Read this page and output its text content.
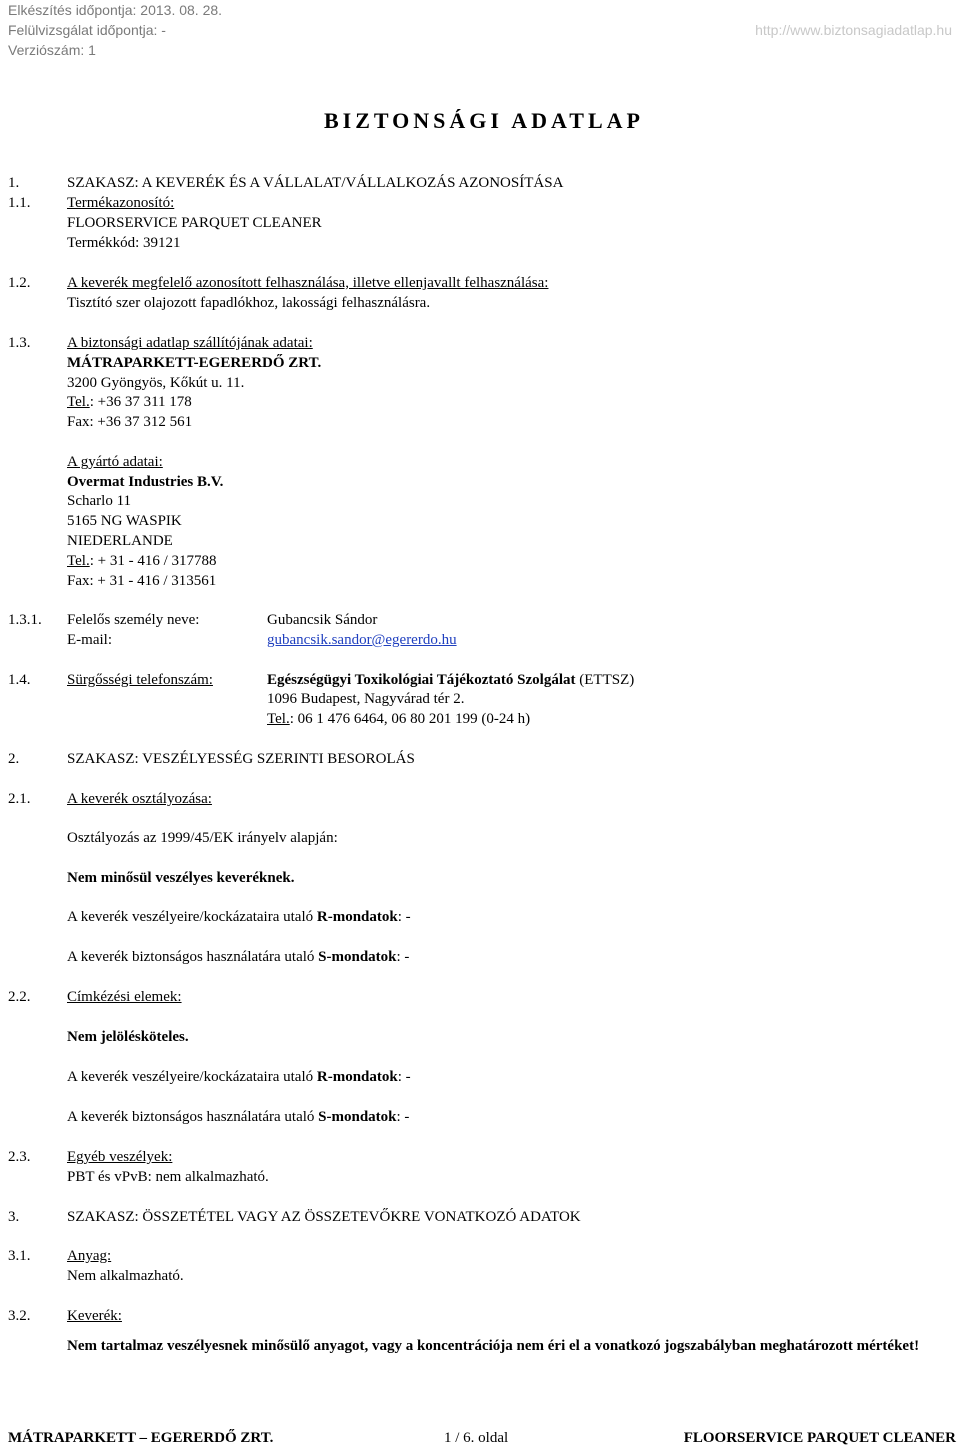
Elkészítés időpontja: 2013. 08. 28.
Felülvizsgálat időpontja: -
Verziószám: 1
http://www.biztonsagiadatlap.hu
BIZTONSÁGI ADATLAP
1.	SZAKASZ: A KEVERÉK ÉS A VÁLLALAT/VÁLLALKOZÁS AZONOSÍTÁSA
1.1. Termékazonosító:
FLOORSERVICE PARQUET CLEANER
Termékkód: 39121
1.2. A keverék megfelelő azonosított felhasználása, illetve ellenjavallt felhasználása:
Tisztító szer olajozott fapadlókhoz, lakossági felhasználásra.
1.3. A biztonsági adatlap szállítójának adatai:
MÁTRAPARKETT-EGERERDŐ ZRT.
3200 Gyöngyös, Kőkút u. 11.
Tel.: +36 37 311 178
Fax: +36 37 312 561
A gyártó adatai:
Overmat Industries B.V.
Scharlo 11
5165 NG WASPIK
NIEDERLANDE
Tel.: + 31 - 416 / 317788
Fax: + 31 - 416 / 313561
1.3.1. Felelős személy neve:	Gubancsik Sándor
E-mail:	gubancsik.sandor@egererdo.hu
1.4. Sürgősségi telefonszám:	Egészségügyi Toxikológiai Tájékoztató Szolgálat (ETTSZ)
1096 Budapest, Nagyvárad tér 2.
Tel.: 06 1 476 6464, 06 80 201 199 (0-24 h)
2.	SZAKASZ: VESZÉLYESSÉG SZERINTI BESOROLÁS
2.1. A keverék osztályozása:
Osztályozás az 1999/45/EK irányelv alapján:
Nem minősül veszélyes keveréknek.
A keverék veszélyeire/kockázataira utaló R-mondatok: -
A keverék biztonságos használatára utaló S-mondatok: -
2.2. Címkézési elemek:
Nem jelölésköteles.
A keverék veszélyeire/kockázataira utaló R-mondatok: -
A keverék biztonságos használatára utaló S-mondatok: -
2.3. Egyéb veszélyek:
PBT és vPvB: nem alkalmazható.
3.	SZAKASZ: ÖSSZETÉTEL VAGY AZ ÖSSZETEVŐKRE VONATKOZÓ ADATOK
3.1. Anyag:
Nem alkalmazható.
3.2. Keverék:
Nem tartalmaz veszélyesnek minősülő anyagot, vagy a koncentrációja nem éri el a vonatkozó jogszabályban meghatározott mértéket!
MÁTRAPARKETT – EGERERDŐ ZRT.	1 / 6. oldal	FLOORSERVICE PARQUET CLEANER
